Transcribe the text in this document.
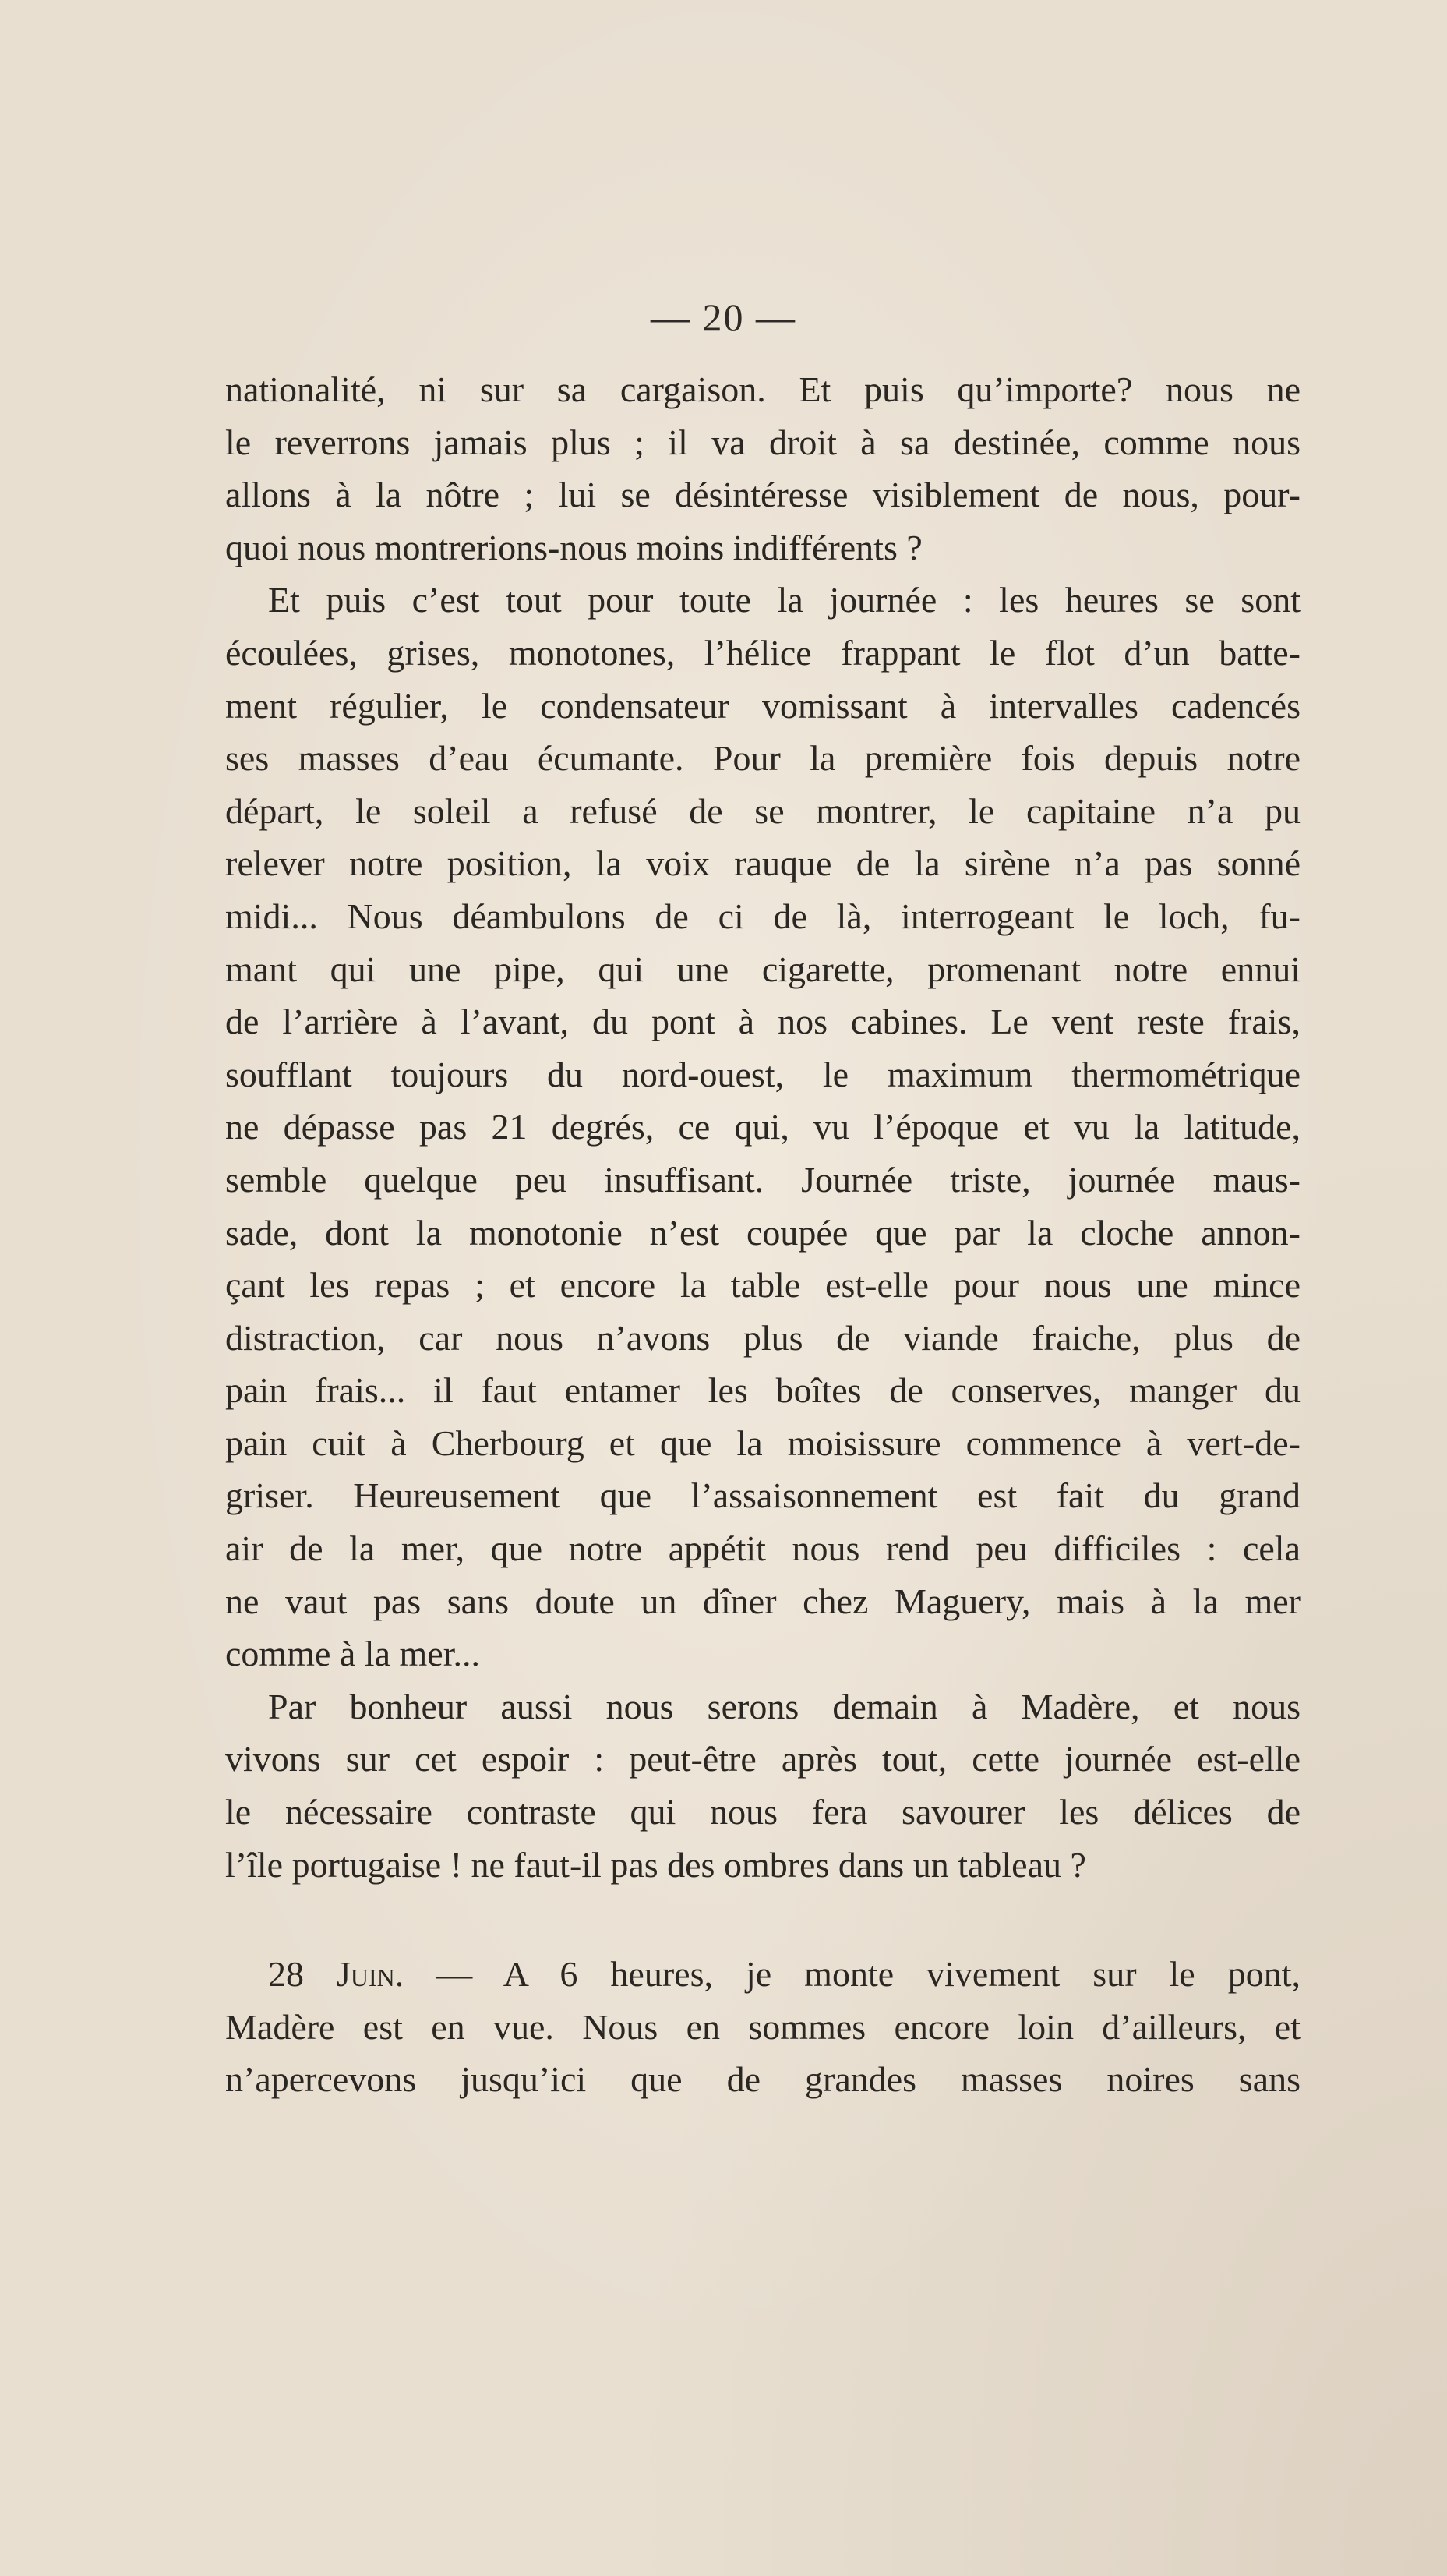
— 20 —
nationalité, ni sur sa cargaison. Et puis qu’importe? nous ne
le reverrons jamais plus ; il va droit à sa destinée, comme nous
allons à la nôtre ; lui se désintéresse visiblement de nous, pour-
quoi nous montrerions-nous moins indifférents ?
Et puis c’est tout pour toute la journée : les heures se sont
écoulées, grises, monotones, l’hélice frappant le flot d’un batte-
ment régulier, le condensateur vomissant à intervalles cadencés
ses masses d’eau écumante. Pour la première fois depuis notre
départ, le soleil a refusé de se montrer, le capitaine n’a pu
relever notre position, la voix rauque de la sirène n’a pas sonné
midi... Nous déambulons de ci de là, interrogeant le loch, fu-
mant qui une pipe, qui une cigarette, promenant notre ennui
de l’arrière à l’avant, du pont à nos cabines. Le vent reste frais,
soufflant toujours du nord-ouest, le maximum thermométrique
ne dépasse pas 21 degrés, ce qui, vu l’époque et vu la latitude,
semble quelque peu insuffisant. Journée triste, journée maus-
sade, dont la monotonie n’est coupée que par la cloche annon-
çant les repas ; et encore la table est-elle pour nous une mince
distraction, car nous n’avons plus de viande fraiche, plus de
pain frais... il faut entamer les boîtes de conserves, manger du
pain cuit à Cherbourg et que la moisissure commence à vert-de-
griser. Heureusement que l’assaisonnement est fait du grand
air de la mer, que notre appétit nous rend peu difficiles : cela
ne vaut pas sans doute un dîner chez Maguery, mais à la mer
comme à la mer...
Par bonheur aussi nous serons demain à Madère, et nous
vivons sur cet espoir : peut-être après tout, cette journée est-elle
le nécessaire contraste qui nous fera savourer les délices de
l’île portugaise ! ne faut-il pas des ombres dans un tableau ?
28 Juin. — A 6 heures, je monte vivement sur le pont,
Madère est en vue. Nous en sommes encore loin d’ailleurs, et
n’apercevons jusqu’ici que de grandes masses noires sans
